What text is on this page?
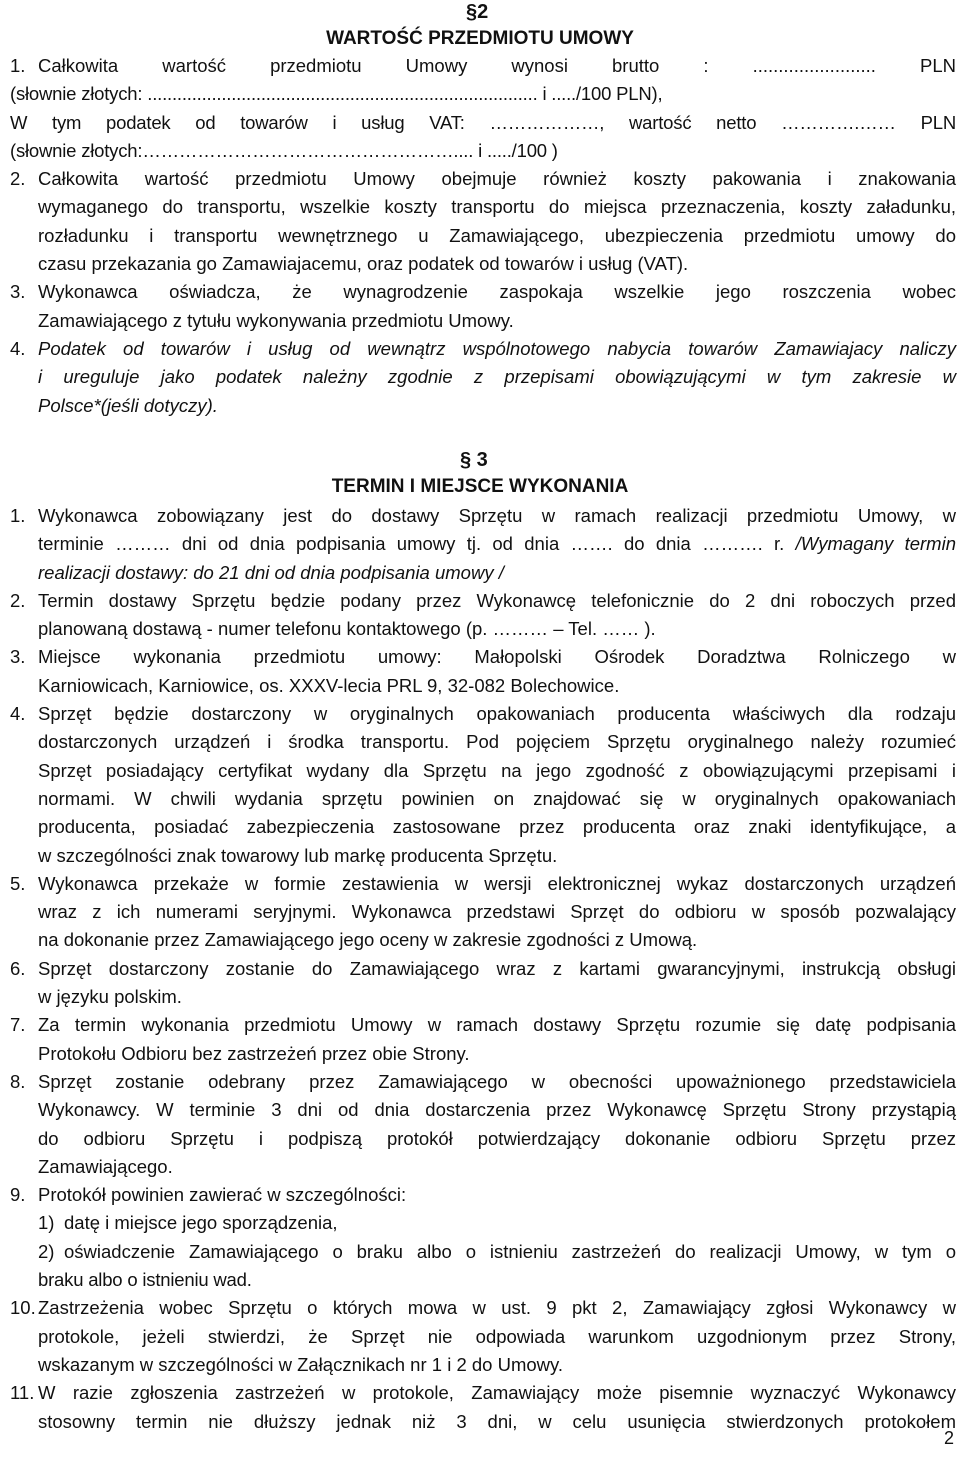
§2
WARTOŚĆ PRZEDMIOTU UMOWY
1. Całkowita wartość przedmiotu Umowy wynosi brutto : ........................ PLN
(słownie złotych: ............................................................................... i ...../100 PLN),
W tym podatek od towarów i usług VAT: ………………, wartość netto ………….…… PLN
(słownie złotych:…………………………………………….... i ...../100 )
2. Całkowita wartość przedmiotu Umowy obejmuje również koszty pakowania i znakowania
wymaganego do transportu, wszelkie koszty transportu do miejsca przeznaczenia, koszty załadunku,
rozładunku i transportu wewnętrznego u Zamawiającego, ubezpieczenia przedmiotu umowy do
czasu przekazania go Zamawiajacemu, oraz podatek od towarów i usług (VAT).
3. Wykonawca oświadcza, że wynagrodzenie zaspokaja wszelkie jego roszczenia wobec
Zamawiającego z tytułu wykonywania przedmiotu Umowy.
4. Podatek od towarów i usług od wewnątrz wspólnotowego nabycia towarów Zamawiajacy naliczy
i ureguluje jako podatek należny zgodnie z przepisami obowiązującymi w tym zakresie w
Polsce*(jeśli dotyczy).
§ 3
TERMIN I MIEJSCE WYKONANIA
1. Wykonawca zobowiązany jest do dostawy Sprzętu w ramach realizacji przedmiotu Umowy, w
terminie ……… dni od dnia podpisania umowy tj. od dnia ……. do dnia ………. r. /Wymagany termin
realizacji dostawy: do 21 dni od dnia podpisania umowy /
2. Termin dostawy Sprzętu będzie podany przez Wykonawcę telefonicznie do 2 dni roboczych przed
planowaną dostawą - numer telefonu kontaktowego (p. ……… – Tel. …… ).
3. Miejsce wykonania przedmiotu umowy: Małopolski Ośrodek Doradztwa Rolniczego w
Karniowicach, Karniowice, os. XXXV-lecia PRL 9, 32-082 Bolechowice.
4. Sprzęt będzie dostarczony w oryginalnych opakowaniach producenta właściwych dla rodzaju
dostarczonych urządzeń i środka transportu. Pod pojęciem Sprzętu oryginalnego należy rozumieć
Sprzęt posiadający certyfikat wydany dla Sprzętu na jego zgodność z obowiązującymi przepisami i
normami. W chwili wydania sprzętu powinien on znajdować się w oryginalnych opakowaniach
producenta, posiadać zabezpieczenia zastosowane przez producenta oraz znaki identyfikujące, a
w szczególności znak towarowy lub markę producenta Sprzętu.
5. Wykonawca przekaże w formie zestawienia w wersji elektronicznej wykaz dostarczonych urządzeń
wraz z ich numerami seryjnymi. Wykonawca przedstawi Sprzęt do odbioru w sposób pozwalający
na dokonanie przez Zamawiającego jego oceny w zakresie zgodności z Umową.
6. Sprzęt dostarczony zostanie do Zamawiającego wraz z kartami gwarancyjnymi, instrukcją obsługi
w języku polskim.
7. Za termin wykonania przedmiotu Umowy w ramach dostawy Sprzętu rozumie się datę podpisania
Protokołu Odbioru bez zastrzeżeń przez obie Strony.
8. Sprzęt zostanie odebrany przez Zamawiającego w obecności upoważnionego przedstawiciela
Wykonawcy. W terminie 3 dni od dnia dostarczenia przez Wykonawcę Sprzętu Strony przystąpią
do odbioru Sprzętu i podpiszą protokół potwierdzający dokonanie odbioru Sprzętu przez
Zamawiającego.
9. Protokół powinien zawierać w szczególności:
1) datę i miejsce jego sporządzenia,
2) oświadczenie Zamawiającego o braku albo o istnieniu zastrzeżeń do realizacji Umowy, w tym o
braku albo o istnieniu wad.
10. Zastrzeżenia wobec Sprzętu o których mowa w ust. 9 pkt 2, Zamawiający zgłosi Wykonawcy w
protokole, jeżeli stwierdzi, że Sprzęt nie odpowiada warunkom uzgodnionym przez Strony,
wskazanym w szczególności w Załącznikach nr 1 i 2 do Umowy.
11. W razie zgłoszenia zastrzeżeń w protokole, Zamawiający może pisemnie wyznaczyć Wykonawcy
stosowny termin nie dłuższy jednak niż 3 dni, w celu usunięcia stwierdzonych protokołem
2
